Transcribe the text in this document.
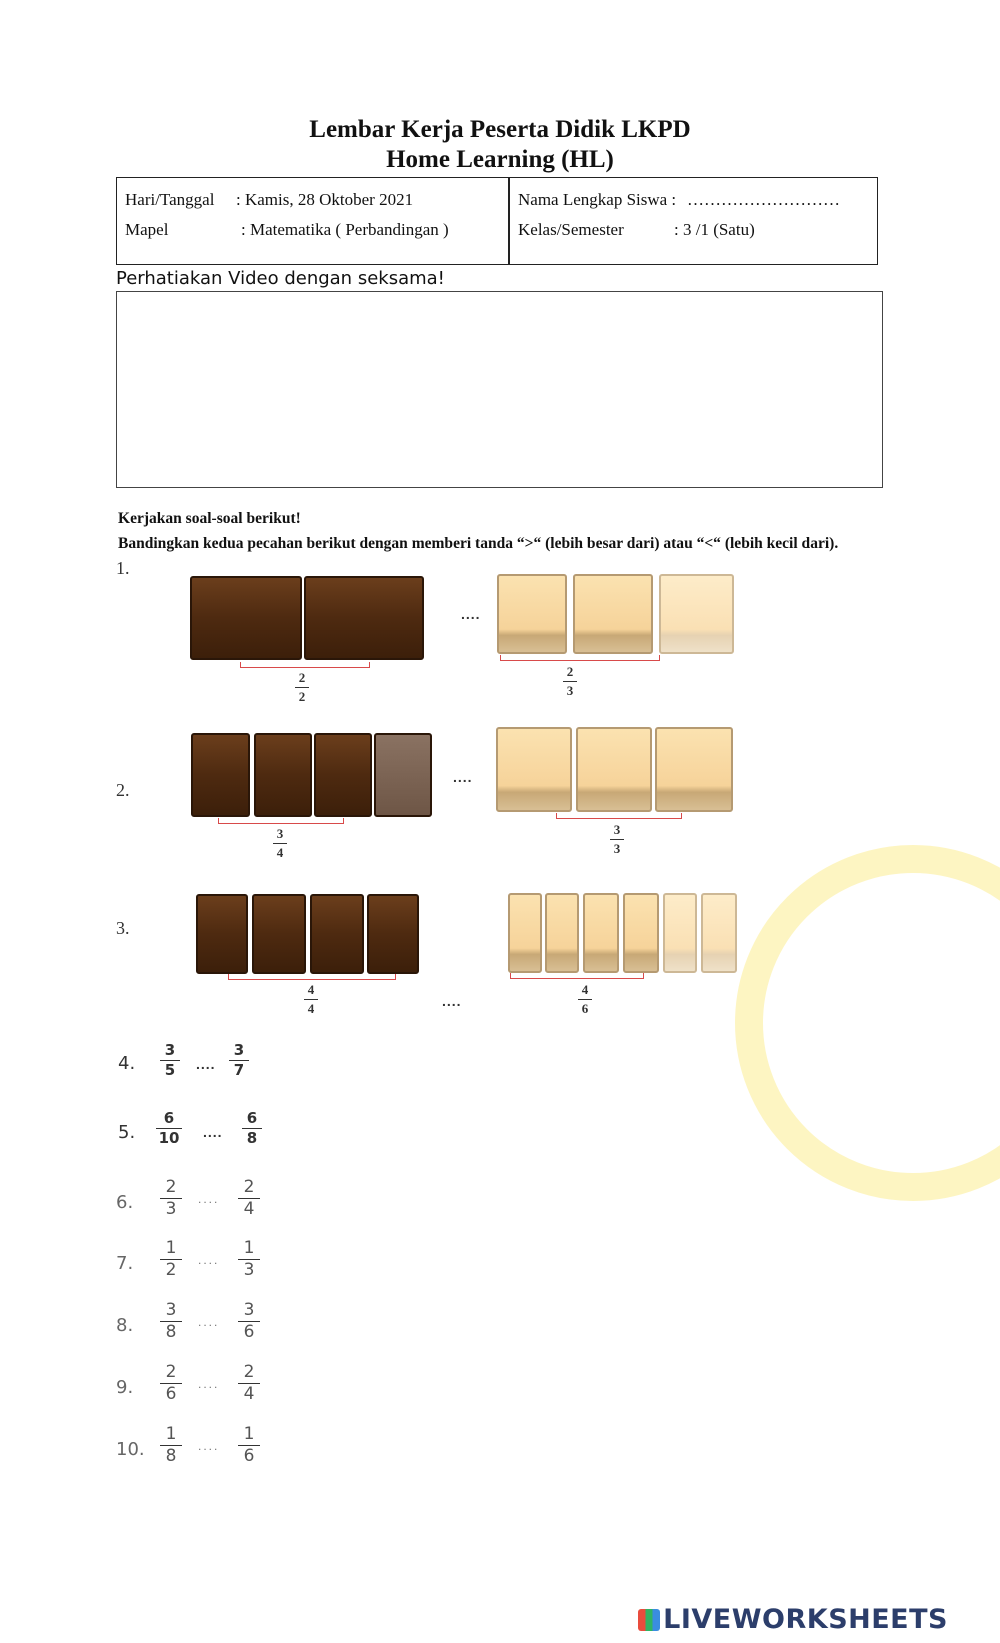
Lembar Kerja Peserta Didik LKPD
Home Learning (HL)
Hari/Tanggal : Kamis, 28 Oktober 2021
Mapel	: Matematika ( Perbandingan )
Nama Lengkap Siswa : ………………………
Kelas/Semester	: 3 /1 (Satu)
Perhatiakan Video dengan seksama!
Kerjakan soal-soal berikut!
Bandingkan kedua pecahan berikut dengan memberi tanda “>“ (lebih besar dari) atau “<“ (lebih kecil dari).
1.
2
2
....
2
3
2.
3
4
....
3
3
3.
4
4	....
4
6
4.
3
5	....
3
7
5.
6
10 ....
6
8
6.
2
3	....
2
4
7.
1
2	....
1
3
8.
3
8	....
3
6
9.
2
6	....
2
4
10.
1
8	....
1
6
LIVEWORKSHEETS
